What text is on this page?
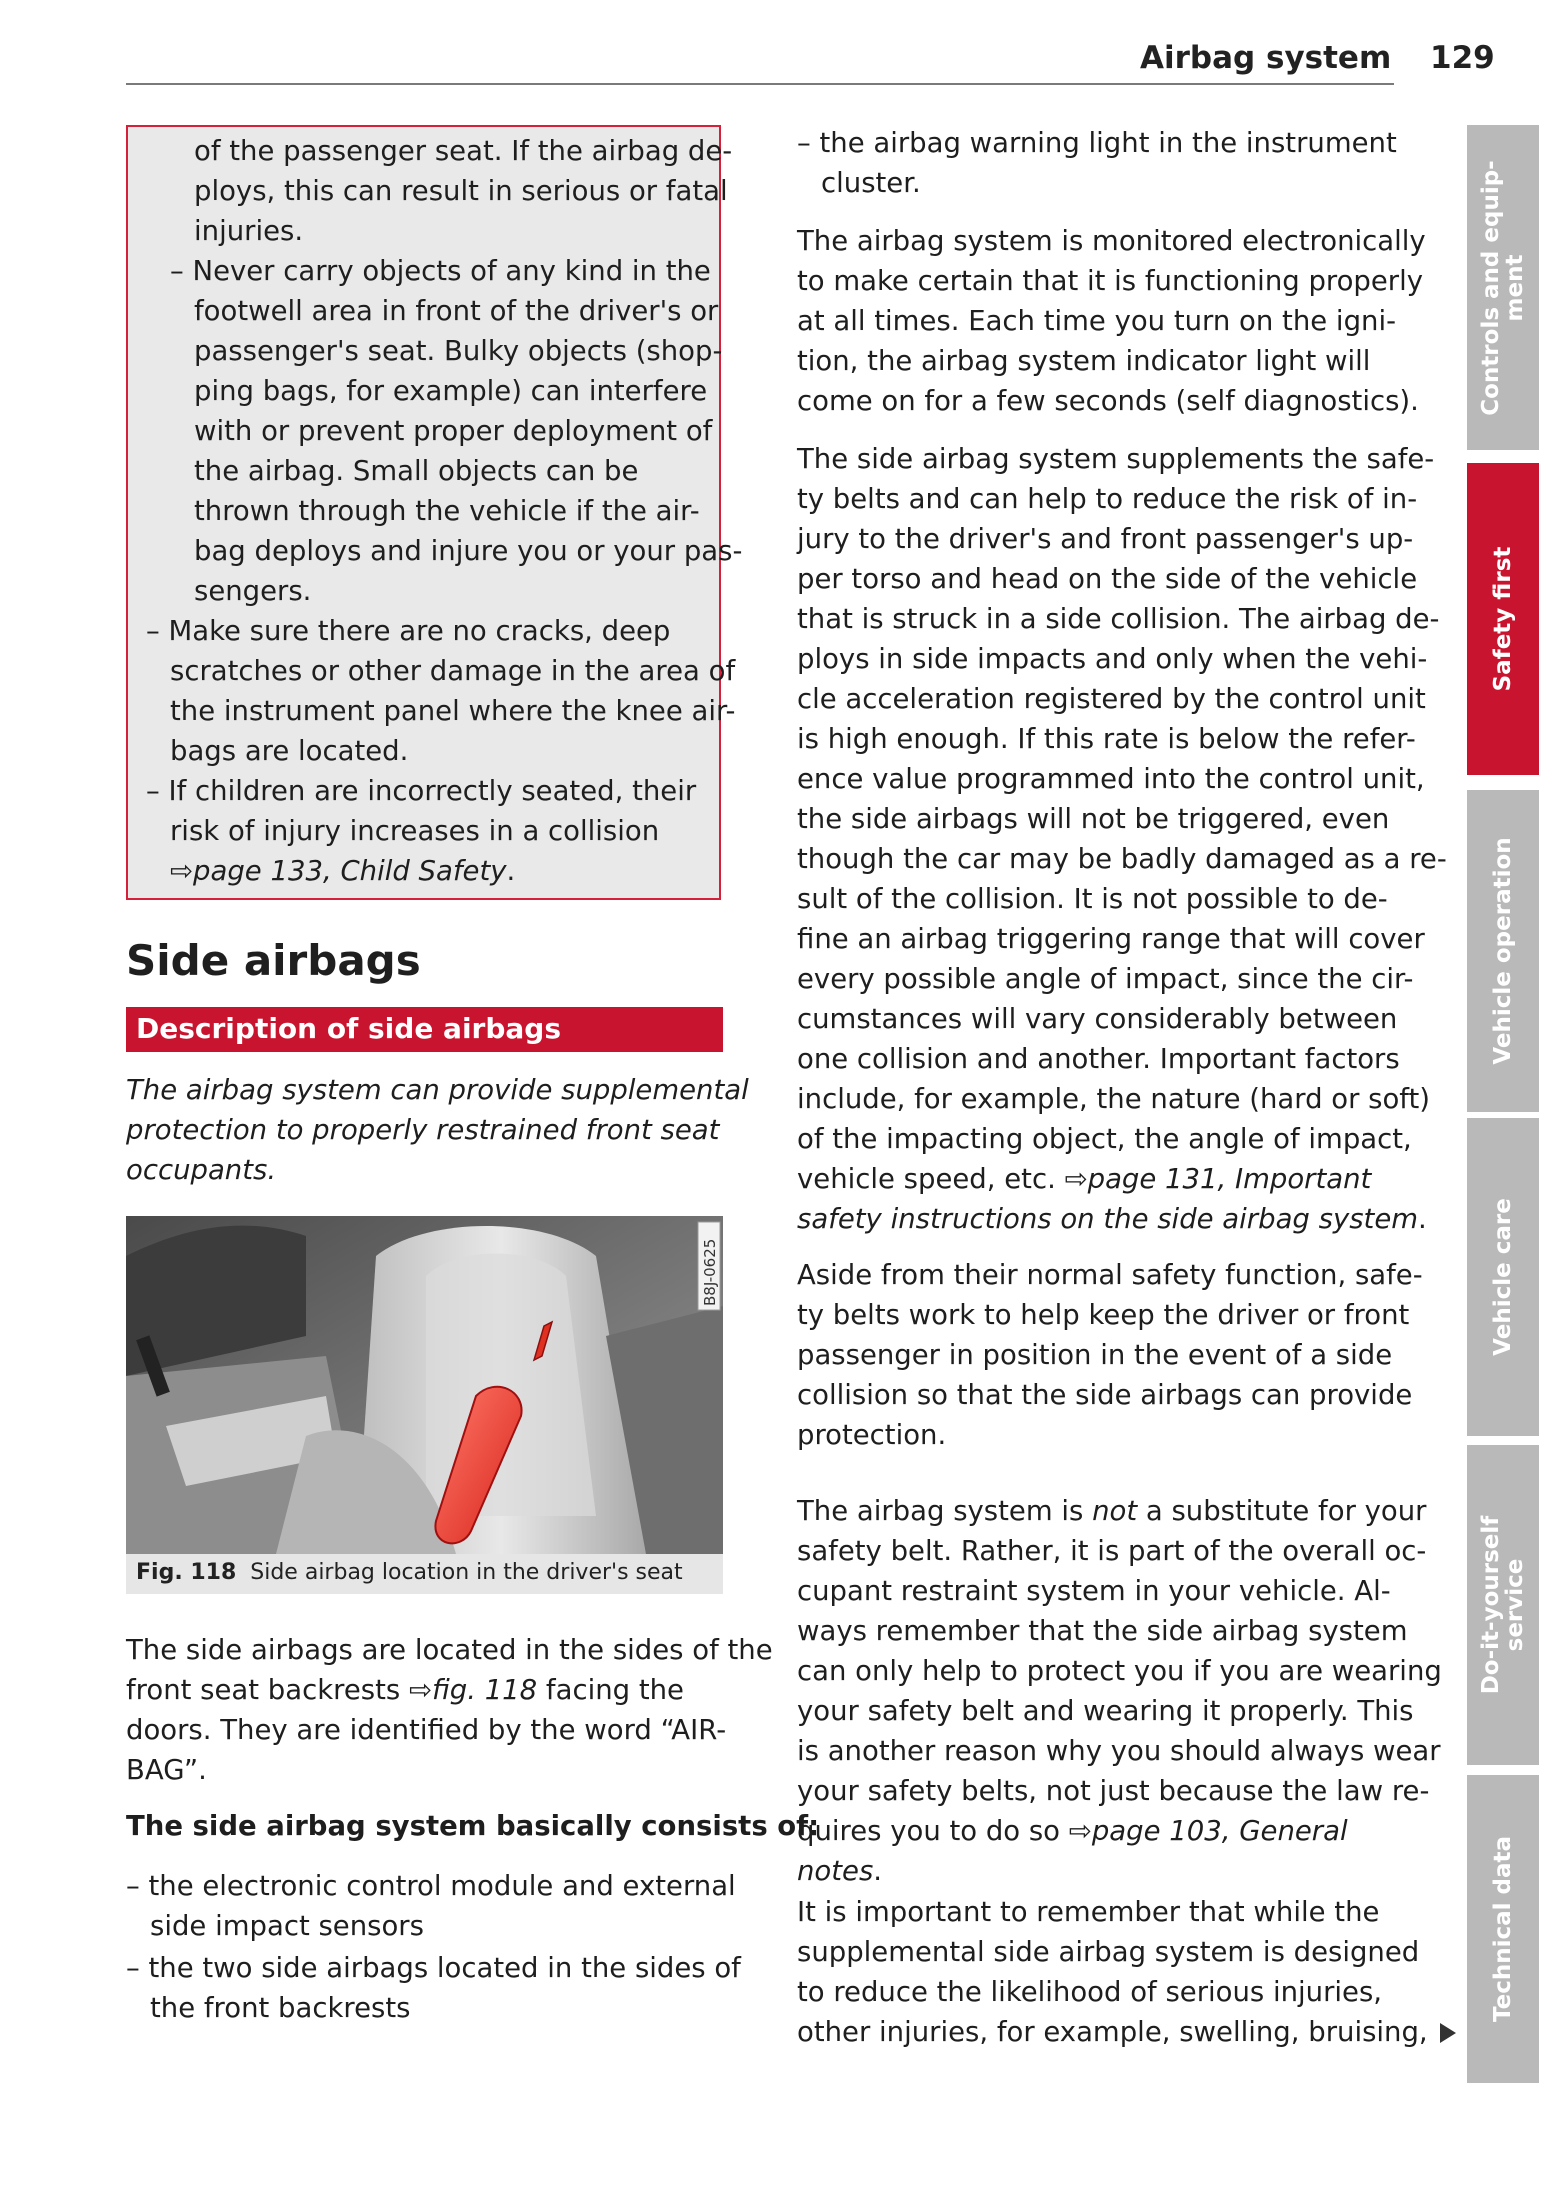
Airbag system 129
of the passenger seat. If the airbag de-
ploys, this can result in serious or fatal
injuries.
– Never carry objects of any kind in the
footwell area in front of the driver's or
passenger's seat. Bulky objects (shop-
ping bags, for example) can interfere
with or prevent proper deployment of
the airbag. Small objects can be
thrown through the vehicle if the air-
bag deploys and injure you or your pas-
sengers.
– Make sure there are no cracks, deep
scratches or other damage in the area of
the instrument panel where the knee air-
bags are located.
– If children are incorrectly seated, their
risk of injury increases in a collision
⇨page 133, Child Safety.
Side airbags
Description of side airbags
The airbag system can provide supplemental
protection to properly restrained front seat
occupants.
B8J-0625
Fig. 118 Side airbag location in the driver's seat
The side airbags are located in the sides of the
front seat backrests ⇨fig. 118 facing the
doors. They are identified by the word “AIR-
BAG”.
The side airbag system basically consists of:
– the electronic control module and external
side impact sensors
– the two side airbags located in the sides of
the front backrests
– the airbag warning light in the instrument
cluster.
The airbag system is monitored electronically
to make certain that it is functioning properly
at all times. Each time you turn on the igni-
tion, the airbag system indicator light will
come on for a few seconds (self diagnostics).
The side airbag system supplements the safe-
ty belts and can help to reduce the risk of in-
jury to the driver's and front passenger's up-
per torso and head on the side of the vehicle
that is struck in a side collision. The airbag de-
ploys in side impacts and only when the vehi-
cle acceleration registered by the control unit
is high enough. If this rate is below the refer-
ence value programmed into the control unit,
the side airbags will not be triggered, even
though the car may be badly damaged as a re-
sult of the collision. It is not possible to de-
fine an airbag triggering range that will cover
every possible angle of impact, since the cir-
cumstances will vary considerably between
one collision and another. Important factors
include, for example, the nature (hard or soft)
of the impacting object, the angle of impact,
vehicle speed, etc. ⇨page 131, Important
safety instructions on the side airbag system.
Aside from their normal safety function, safe-
ty belts work to help keep the driver or front
passenger in position in the event of a side
collision so that the side airbags can provide
protection.
The airbag system is not a substitute for your
safety belt. Rather, it is part of the overall oc-
cupant restraint system in your vehicle. Al-
ways remember that the side airbag system
can only help to protect you if you are wearing
your safety belt and wearing it properly. This
is another reason why you should always wear
your safety belts, not just because the law re-
quires you to do so ⇨page 103, General
notes.
It is important to remember that while the
supplemental side airbag system is designed
to reduce the likelihood of serious injuries,
other injuries, for example, swelling, bruising,
Controls and equip-
ment
Safety first
Vehicle operation
Vehicle care
Do-it-yourself
service
Technical data
